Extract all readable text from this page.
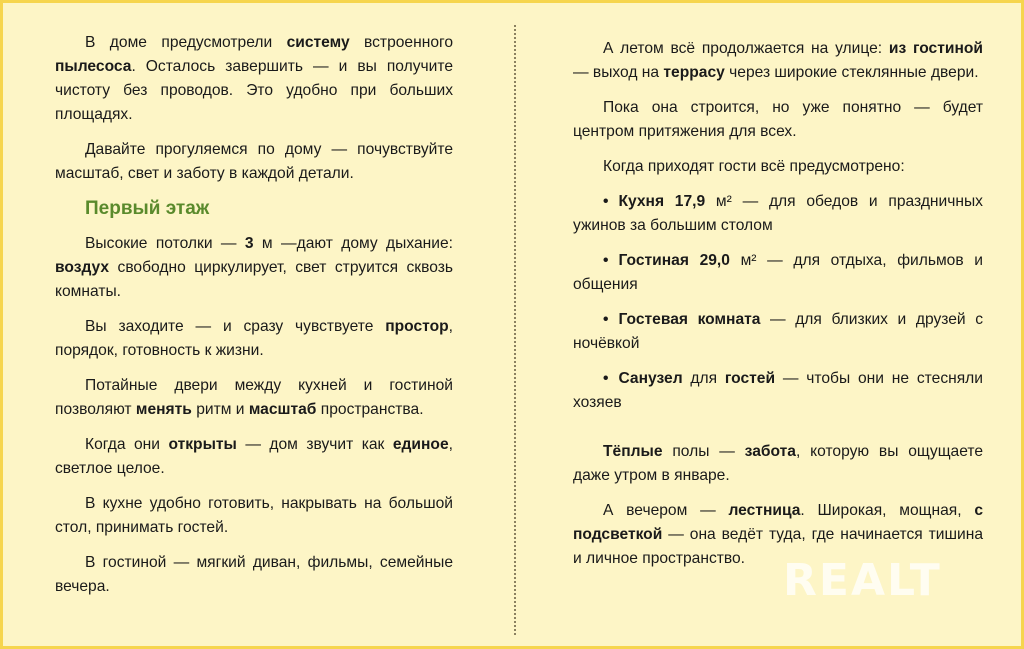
В доме предусмотрели систему встроенного пылесоса. Осталось завершить — и вы получите чистоту без проводов. Это удобно при больших площадях.

Давайте прогуляемся по дому — почувствуйте масштаб, свет и заботу в каждой детали.

Первый этаж

Высокие потолки — 3 м —дают дому дыхание: воздух свободно циркулирует, свет струится сквозь комнаты.

Вы заходите — и сразу чувствуете простор, порядок, готовность к жизни.

Потайные двери между кухней и гостиной позволяют менять ритм и масштаб пространства.

Когда они открыты — дом звучит как единое, светлое целое.

В кухне удобно готовить, накрывать на большой стол, принимать гостей.

В гостиной — мягкий диван, фильмы, семейные вечера.

А летом всё продолжается на улице: из гостиной — выход на террасу через широкие стеклянные двери.

Пока она строится, но уже понятно — будет центром притяжения для всех.

Когда приходят гости всё предусмотрено:

• Кухня 17,9 м² — для обедов и праздничных ужинов за большим столом

• Гостиная 29,0 м² — для отдыха, фильмов и общения

• Гостевая комната — для близких и друзей с ночёвкой

• Санузел для гостей — чтобы они не стесняли хозяев

Тёплые полы — забота, которую вы ощущаете даже утром в январе.

А вечером — лестница. Широкая, мощная, с подсветкой — она ведёт туда, где начинается тишина и личное пространство. REALT
